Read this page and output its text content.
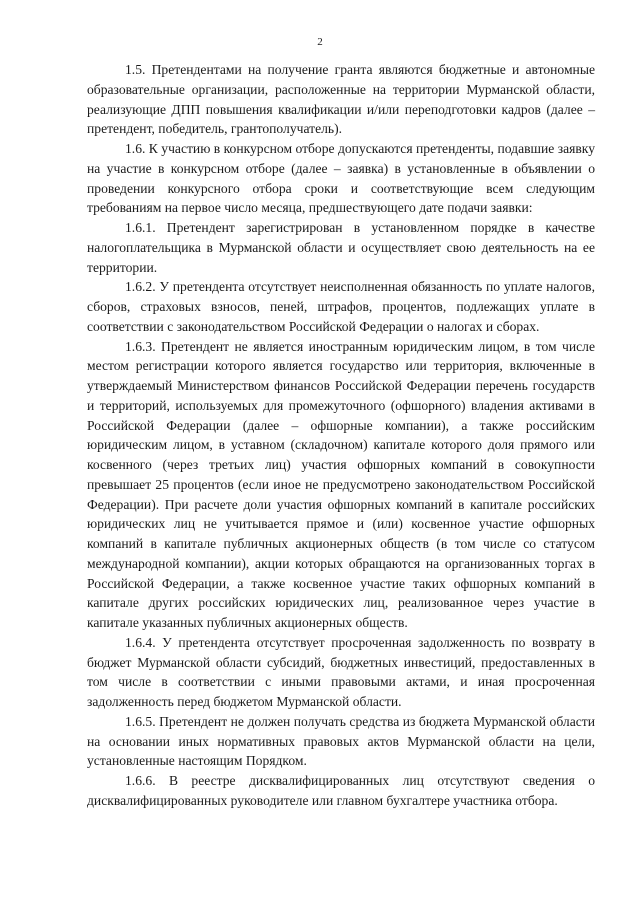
2

1.5. Претендентами на получение гранта являются бюджетные и автономные образовательные организации, расположенные на территории Мурманской области, реализующие ДПП повышения квалификации и/или переподготовки кадров (далее – претендент, победитель, грантополучатель).

1.6. К участию в конкурсном отборе допускаются претенденты, подавшие заявку на участие в конкурсном отборе (далее – заявка) в установленные в объявлении о проведении конкурсного отбора сроки и соответствующие всем следующим требованиям на первое число месяца, предшествующего дате подачи заявки:

1.6.1. Претендент зарегистрирован в установленном порядке в качестве налогоплательщика в Мурманской области и осуществляет свою деятельность на ее территории.

1.6.2. У претендента отсутствует неисполненная обязанность по уплате налогов, сборов, страховых взносов, пеней, штрафов, процентов, подлежащих уплате в соответствии с законодательством Российской Федерации о налогах и сборах.

1.6.3. Претендент не является иностранным юридическим лицом, в том числе местом регистрации которого является государство или территория, включенные в утверждаемый Министерством финансов Российской Федерации перечень государств и территорий, используемых для промежуточного (офшорного) владения активами в Российской Федерации (далее – офшорные компании), а также российским юридическим лицом, в уставном (складочном) капитале которого доля прямого или косвенного (через третьих лиц) участия офшорных компаний в совокупности превышает 25 процентов (если иное не предусмотрено законодательством Российской Федерации). При расчете доли участия офшорных компаний в капитале российских юридических лиц не учитывается прямое и (или) косвенное участие офшорных компаний в капитале публичных акционерных обществ (в том числе со статусом международной компании), акции которых обращаются на организованных торгах в Российской Федерации, а также косвенное участие таких офшорных компаний в капитале других российских юридических лиц, реализованное через участие в капитале указанных публичных акционерных обществ.

1.6.4. У претендента отсутствует просроченная задолженность по возврату в бюджет Мурманской области субсидий, бюджетных инвестиций, предоставленных в том числе в соответствии с иными правовыми актами, и иная просроченная задолженность перед бюджетом Мурманской области.

1.6.5. Претендент не должен получать средства из бюджета Мурманской области на основании иных нормативных правовых актов Мурманской области на цели, установленные настоящим Порядком.

1.6.6. В реестре дисквалифицированных лиц отсутствуют сведения о дисквалифицированных руководителе или главном бухгалтере участника отбора.
